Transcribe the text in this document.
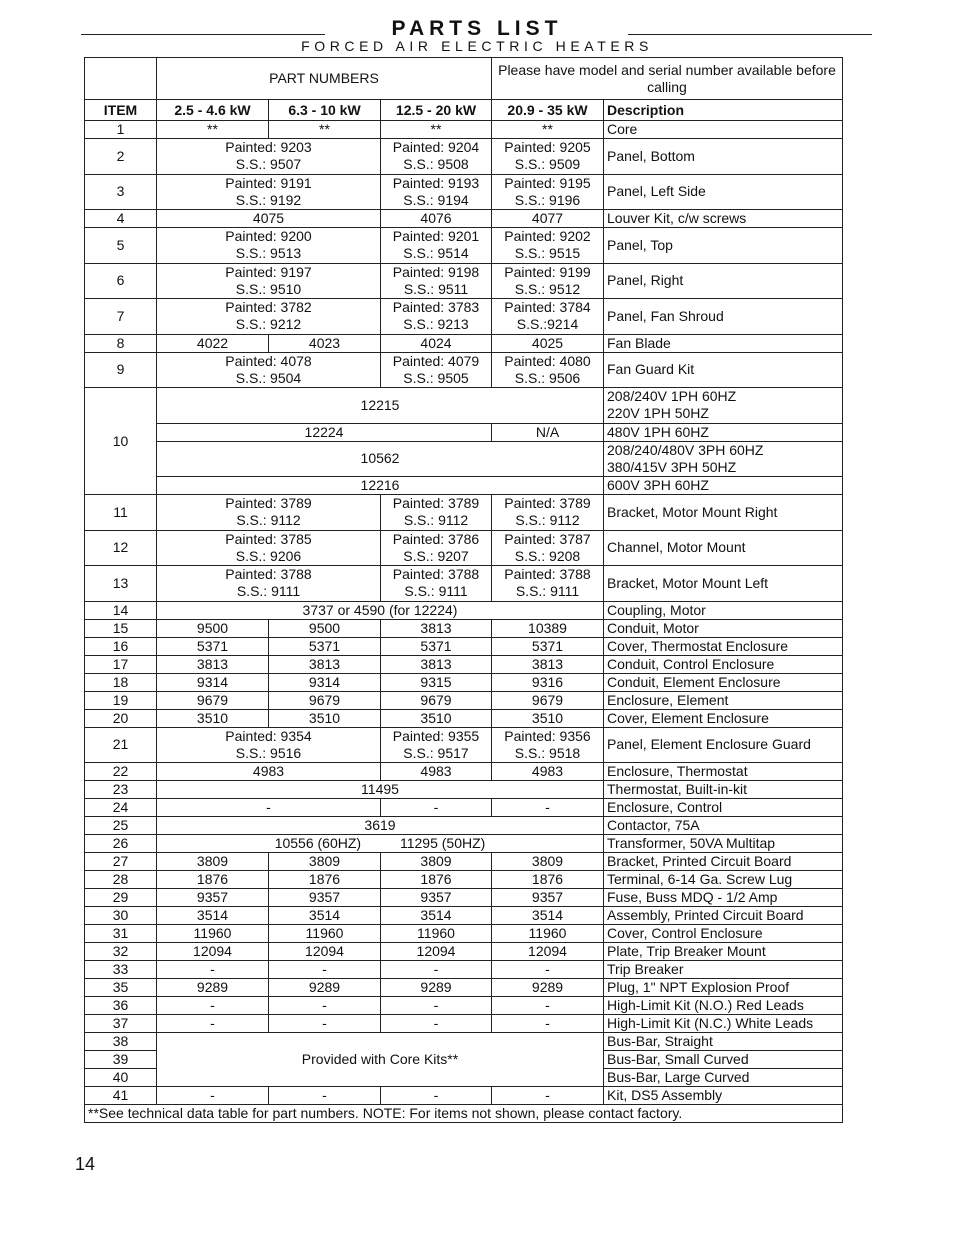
PARTS LIST
FORCED AIR ELECTRIC HEATERS
	PART NUMBERS			Please have model and serial number available before calling	
ITEM	2.5 - 4.6 kW	6.3 - 10 kW	12.5 - 20 kW	20.9 - 35 kW	Description
1	**	**	**	**	Core
2	Painted: 9203
S.S.: 9507		Painted: 9204
S.S.: 9508	Painted: 9205
S.S.: 9509	Panel, Bottom
3	Painted: 9191
S.S.: 9192		Painted: 9193
S.S.: 9194	Painted: 9195
S.S.: 9196	Panel, Left Side
4	4075		4076	4077	Louver Kit, c/w screws
5	Painted: 9200
S.S.: 9513		Painted: 9201
S.S.: 9514	Painted: 9202
S.S.: 9515	Panel, Top
6	Painted: 9197
S.S.: 9510		Painted: 9198
S.S.: 9511	Painted: 9199
S.S.: 9512	Panel, Right
7	Painted: 3782
S.S.: 9212		Painted: 3783
S.S.: 9213	Painted: 3784
S.S.:9214	Panel, Fan Shroud
8	4022	4023	4024	4025	Fan Blade
9	Painted: 4078
S.S.: 9504		Painted: 4079
S.S.: 9505	Painted: 4080
S.S.: 9506	Fan Guard Kit
10	12215				208/240V 1PH 60HZ
220V 1PH 50HZ
	12224			N/A	480V 1PH 60HZ
	10562				208/240/480V 3PH 60HZ
380/415V 3PH 50HZ
	12216				600V 3PH 60HZ
11	Painted: 3789
S.S.: 9112		Painted: 3789
S.S.: 9112	Painted: 3789
S.S.: 9112	Bracket, Motor Mount Right
12	Painted: 3785
S.S.: 9206		Painted: 3786
S.S.: 9207	Painted: 3787
S.S.: 9208	Channel, Motor Mount
13	Painted: 3788
S.S.: 9111		Painted: 3788
S.S.: 9111	Painted: 3788
S.S.: 9111	Bracket, Motor Mount Left
14	3737 or 4590 (for 12224)				Coupling, Motor
15	9500	9500	3813	10389	Conduit, Motor
16	5371	5371	5371	5371	Cover, Thermostat Enclosure
17	3813	3813	3813	3813	Conduit, Control Enclosure
18	9314	9314	9315	9316	Conduit, Element Enclosure
19	9679	9679	9679	9679	Enclosure, Element
20	3510	3510	3510	3510	Cover, Element Enclosure
21	Painted: 9354
S.S.: 9516		Painted: 9355
S.S.: 9517	Painted: 9356
S.S.: 9518	Panel, Element Enclosure Guard
22	4983		4983	4983	Enclosure, Thermostat
23	11495				Thermostat, Built-in-kit
24	-		-	-	Enclosure, Control
25	3619				Contactor, 75A
26	10556 (60HZ)          11295 (50HZ)				Transformer, 50VA Multitap
27	3809	3809	3809	3809	Bracket, Printed Circuit Board
28	1876	1876	1876	1876	Terminal, 6-14 Ga. Screw Lug
29	9357	9357	9357	9357	Fuse, Buss MDQ - 1/2 Amp
30	3514	3514	3514	3514	Assembly, Printed Circuit Board
31	11960	11960	11960	11960	Cover, Control Enclosure
32	12094	12094	12094	12094	Plate, Trip Breaker Mount
33	-	-	-	-	Trip Breaker
35	9289	9289	9289	9289	Plug, 1" NPT Explosion Proof
36	-	-	-	-	High-Limit Kit (N.O.) Red Leads
37	-	-	-	-	High-Limit Kit (N.C.) White Leads
38	Provided with Core Kits**				Bus-Bar, Straight
39					Bus-Bar, Small Curved
40					Bus-Bar, Large Curved
41	-	-	-	-	Kit, DS5 Assembly
**See technical data table for part numbers. NOTE: For items not shown, please contact factory.					
14
